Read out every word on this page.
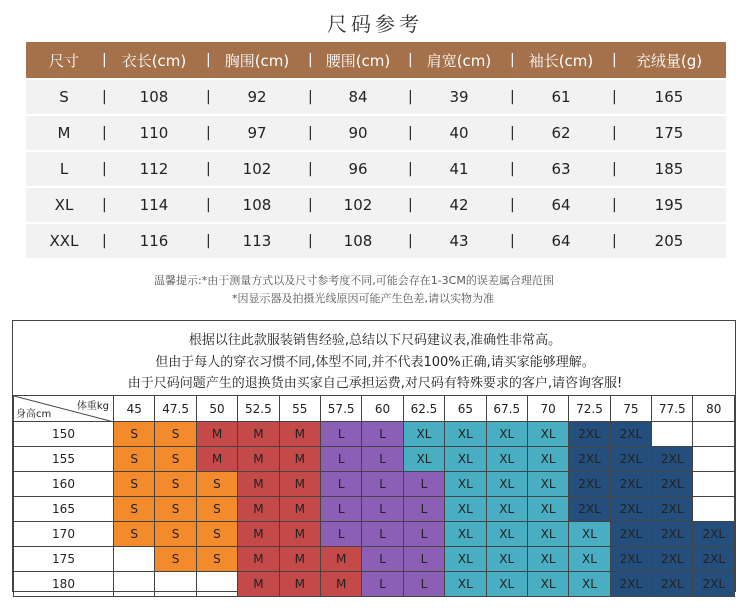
尺码参考
尺寸	| 衣长(cm)	| 胸围(cm)	| 腰围(cm)	| 肩宽(cm)	| 袖长(cm)	| 充绒量(g)
S	| 108	| 92	| 84	| 39	| 61	| 165
M	| 110	| 97	| 90	| 40	| 62	| 175
L	| 112	| 102	| 96	| 41	| 63	| 185
XL	| 114	| 108	| 102	| 42	| 64	| 195
XXL	| 116	| 113	| 108	| 43	| 64	| 205
温馨提示:*由于测量方式以及尺寸参考度不同,可能会存在1-3CM的误差属合理范围
*因显示器及拍摄光线原因可能产生色差,请以实物为准
根据以往此款服装销售经验,总结以下尺码建议表,准确性非常高。
但由于每人的穿衣习惯不同,体型不同,并不代表100%正确,请买家能够理解。
由于尺码问题产生的退换货由买家自己承担运费,对尺码有特殊要求的客户,请咨询客服!
体重kg
身高cm	45	47.5	50	52.5	55	57.5	60	62.5	65	67.5	70	72.5	75	77.5	80
150	S	S	M	M	M	L	L	XL	XL	XL	XL	2XL	2XL		
155	S	S	M	M	M	L	L	XL	XL	XL	XL	2XL	2XL	2XL	
160	S	S	S	M	M	L	L	L	XL	XL	XL	2XL	2XL	2XL	
165	S	S	S	M	M	L	L	L	XL	XL	XL	2XL	2XL	2XL	
170	S	S	S	M	M	L	L	L	XL	XL	XL	XL	2XL	2XL	2XL
175		S	S	M	M	M	L	L	XL	XL	XL	XL	2XL	2XL	2XL
180				M	M	M	L	L	XL	XL	XL	XL	2XL	2XL	2XL
